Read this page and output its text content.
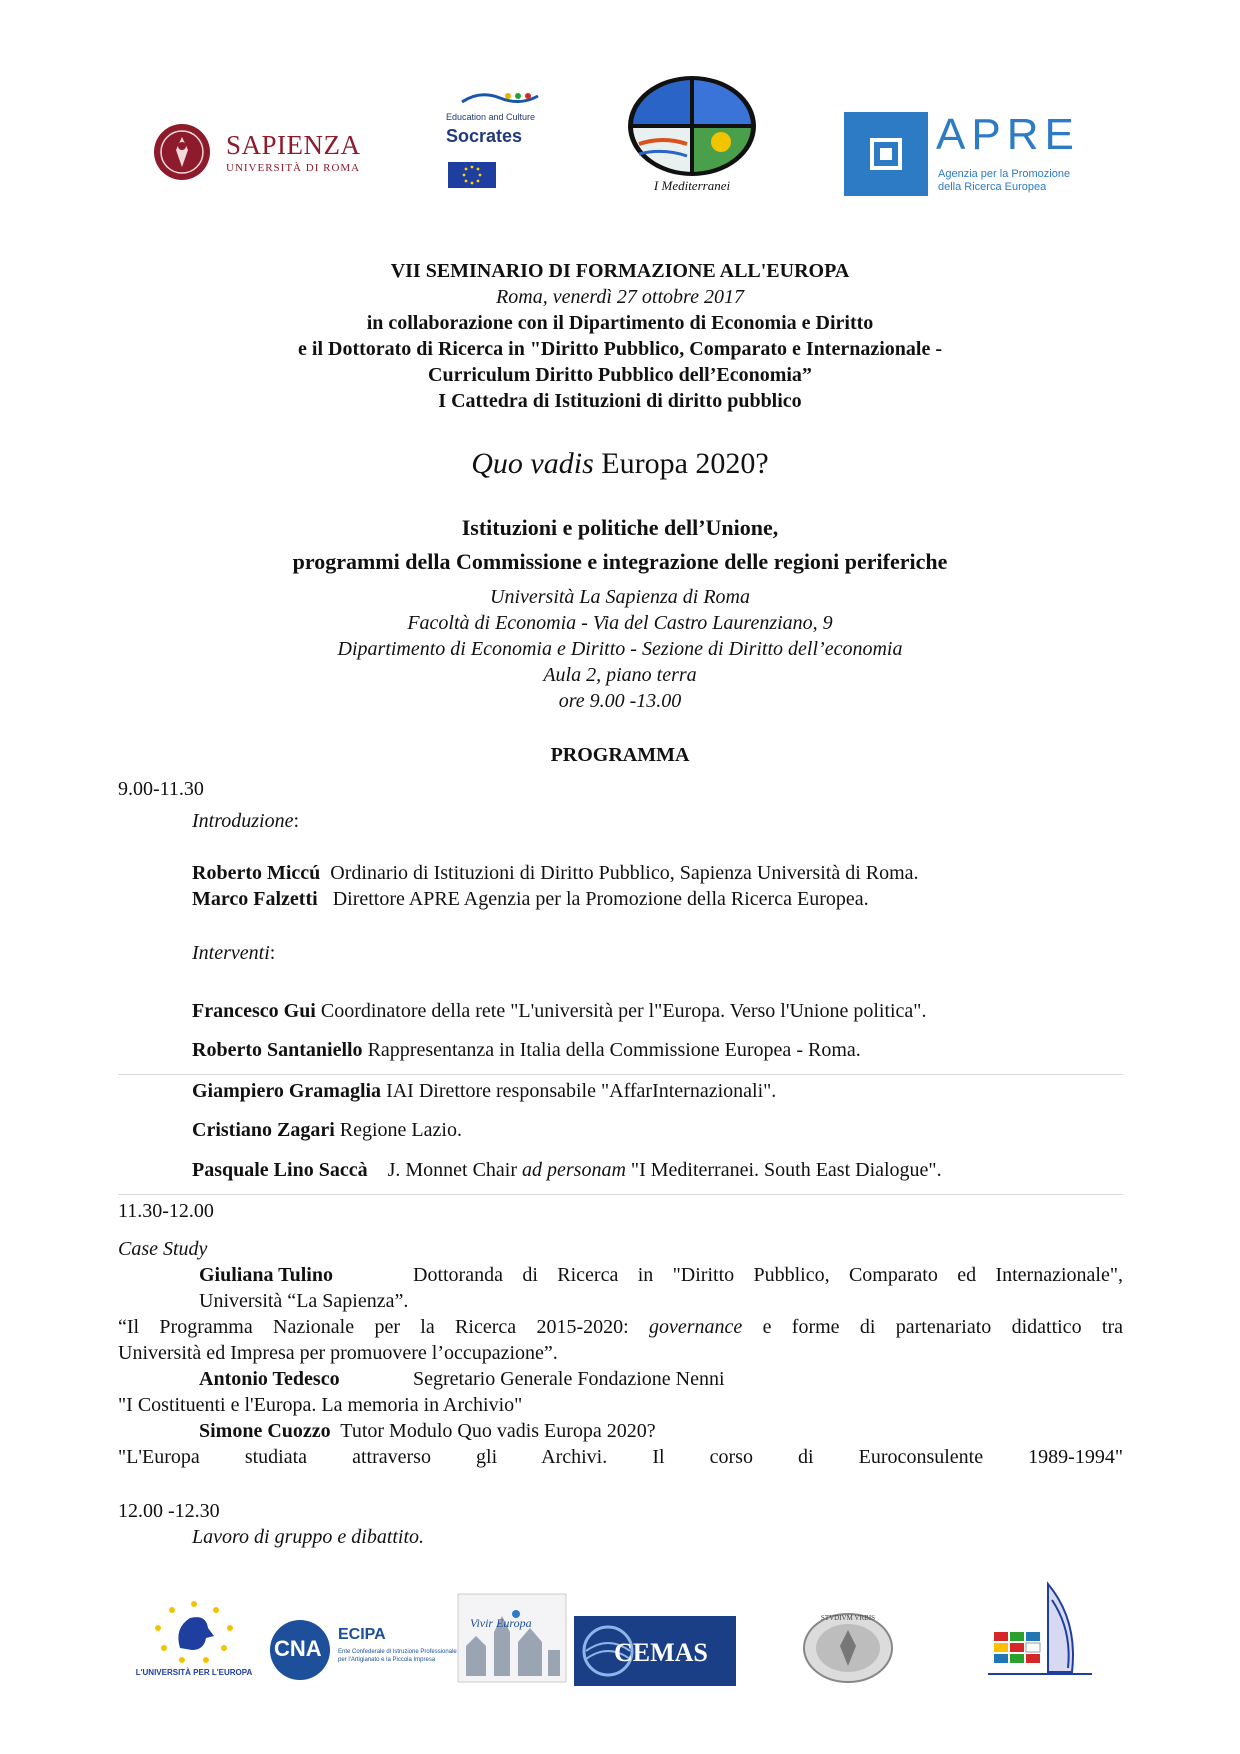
SAPIENZA
UNIVERSITÀ DI ROMA
Education and Culture
Socrates
I Mediterranei
APRE
Agenzia per la Promozione
della Ricerca Europea
VII SEMINARIO DI FORMAZIONE ALL'EUROPA
Roma, venerdì 27 ottobre 2017
in collaborazione con il Dipartimento di Economia e Diritto
e il Dottorato di Ricerca in "Diritto Pubblico, Comparato e Internazionale -
Curriculum Diritto Pubblico dell’Economia”
I Cattedra di Istituzioni di diritto pubblico
Quo vadis Europa 2020?
Istituzioni e politiche dell’Unione,
programmi della Commissione e integrazione delle regioni periferiche
Università La Sapienza di Roma
Facoltà di Economia - Via del Castro Laurenziano, 9
Dipartimento di Economia e Diritto - Sezione di Diritto dell’economia
Aula 2, piano terra
ore 9.00 -13.00
PROGRAMMA
9.00-11.30
Introduzione:
Roberto Miccú  Ordinario di Istituzioni di Diritto Pubblico, Sapienza Università di Roma.
Marco Falzetti   Direttore APRE Agenzia per la Promozione della Ricerca Europea.
Interventi:
Francesco Gui Coordinatore della rete "L'università per l"Europa. Verso l'Unione politica".
Roberto Santaniello Rappresentanza in Italia della Commissione Europea - Roma.
Giampiero Gramaglia IAI Direttore responsabile "AffarInternazionali".
Cristiano Zagari Regione Lazio.
Pasquale Lino Saccà    J. Monnet Chair ad personam "I Mediterranei. South East Dialogue".
11.30-12.00
Case Study
Giuliana Tulino	Dottoranda di Ricerca in "Diritto Pubblico, Comparato ed Internazionale",
Università “La Sapienza”.
“Il Programma Nazionale per la Ricerca 2015-2020: governance e forme di partenariato didattico tra
Università ed Impresa per promuovere l’occupazione”.
Antonio Tedesco	Segretario Generale Fondazione Nenni
"I Costituenti e l'Europa. La memoria in Archivio"
Simone Cuozzo  Tutor Modulo Quo vadis Europa 2020?
"L'Europa studiata attraverso gli Archivi. Il corso di Euroconsulente 1989-1994"
12.00 -12.30
Lavoro di gruppo e dibattito.
L'UNIVERSITÀ PER L'EUROPA
CNA
ECIPA
Ente Confederale di Istruzione Professionale per l'Artigianato e la Piccola Impresa
Vivir Europa
CEMAS
STVDIVM VRBIS
